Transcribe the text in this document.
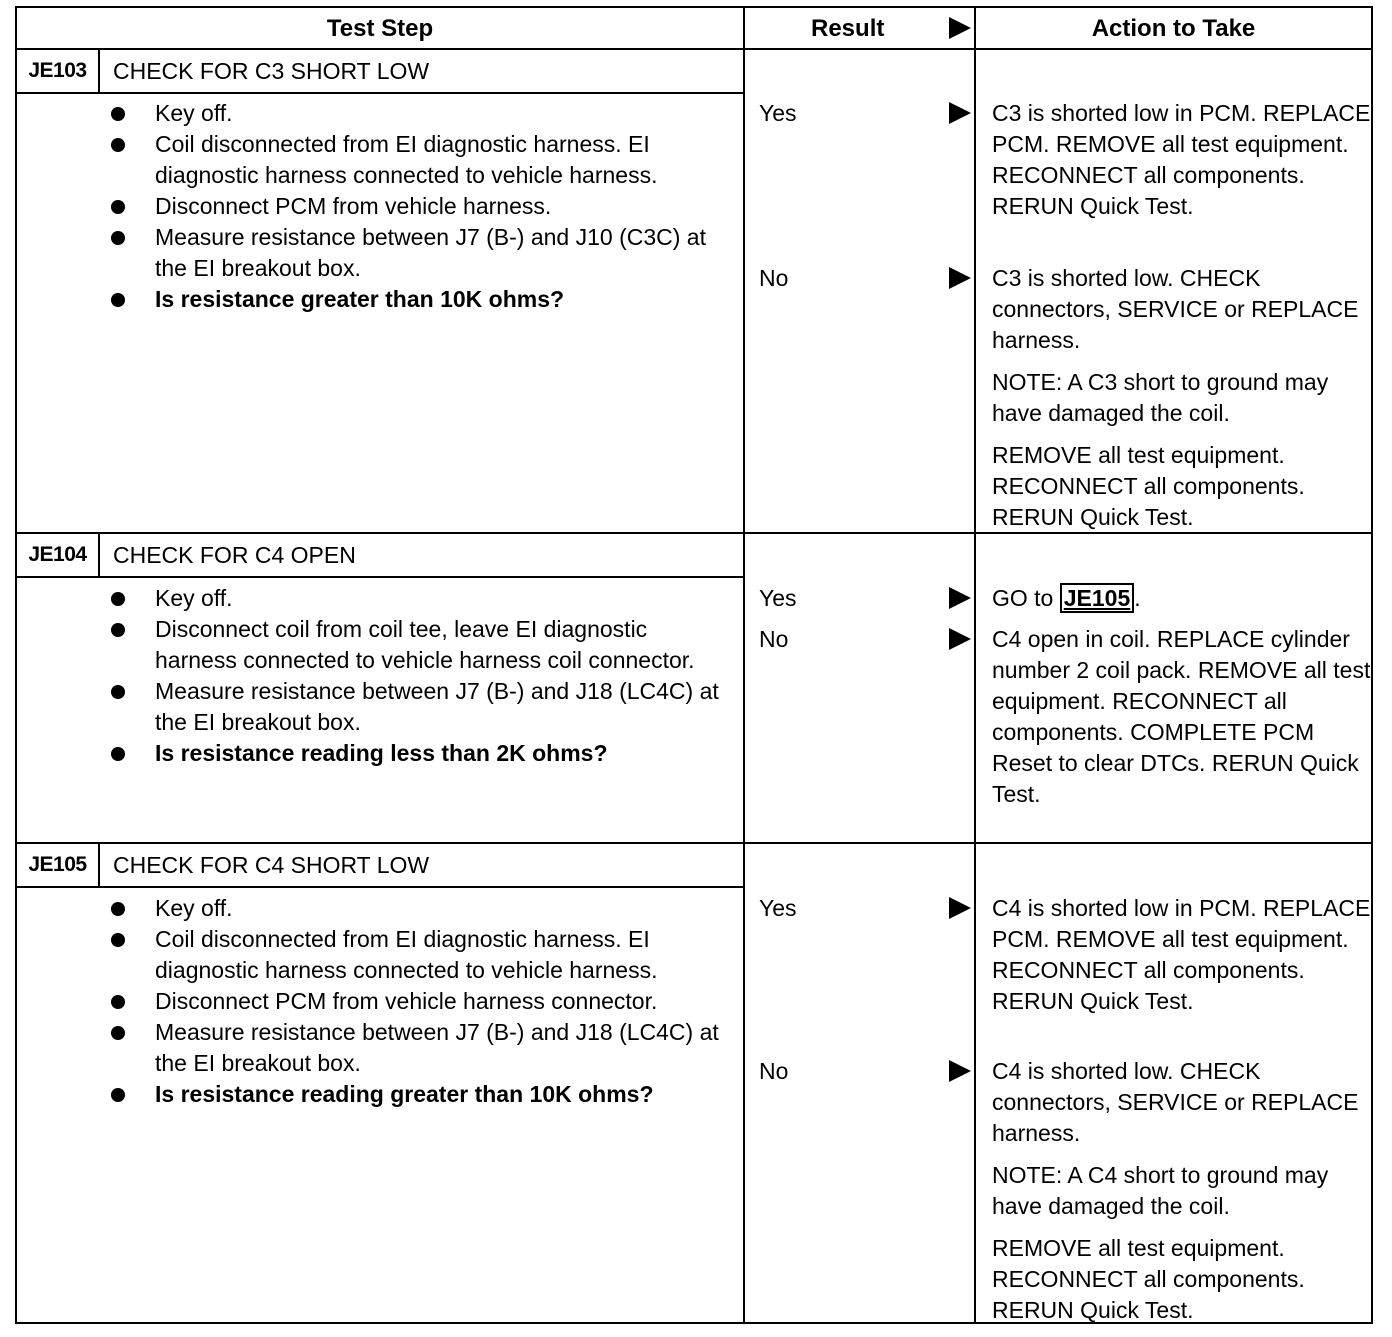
Test Step	Result	Action to Take
JE103	CHECK FOR C3 SHORT LOW
Key off.
Coil disconnected from EI diagnostic harness. EI diagnostic harness connected to vehicle harness.
Disconnect PCM from vehicle harness.
Measure resistance between J7 (B-) and J10 (C3C) at the EI breakout box.
Is resistance greater than 10K ohms?
Yes	C3 is shorted low in PCM. REPLACE PCM. REMOVE all test equipment. RECONNECT all components. RERUN Quick Test.

No	C3 is shorted low. CHECK connectors, SERVICE or REPLACE harness.

NOTE: A C3 short to ground may have damaged the coil.

REMOVE all test equipment. RECONNECT all components. RERUN Quick Test.

JE104	CHECK FOR C4 OPEN
Key off.
Disconnect coil from coil tee, leave EI diagnostic harness connected to vehicle harness coil connector.
Measure resistance between J7 (B-) and J18 (LC4C) at the EI breakout box.
Is resistance reading less than 2K ohms?
Yes	GO to JE105 .

No	C4 open in coil. REPLACE cylinder number 2 coil pack. REMOVE all test equipment. RECONNECT all components. COMPLETE PCM Reset to clear DTCs. RERUN Quick Test.

JE105	CHECK FOR C4 SHORT LOW
Key off.
Coil disconnected from EI diagnostic harness. EI diagnostic harness connected to vehicle harness.
Disconnect PCM from vehicle harness connector.
Measure resistance between J7 (B-) and J18 (LC4C) at the EI breakout box.
Is resistance reading greater than 10K ohms?
Yes	C4 is shorted low in PCM. REPLACE PCM. REMOVE all test equipment. RECONNECT all components. RERUN Quick Test.

No	C4 is shorted low. CHECK connectors, SERVICE or REPLACE harness.

NOTE: A C4 short to ground may have damaged the coil.

REMOVE all test equipment. RECONNECT all components. RERUN Quick Test.
